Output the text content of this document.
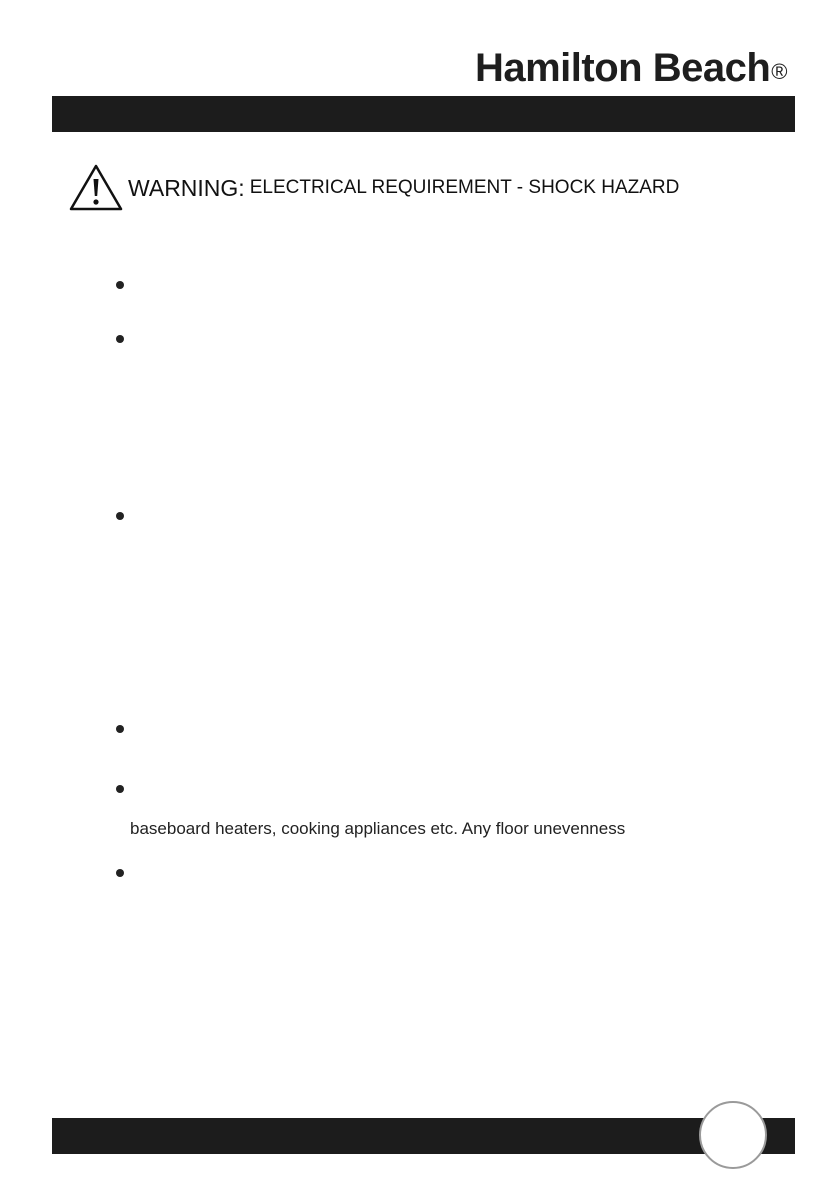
Hamilton Beach®
WARNING: ELECTRICAL REQUIREMENT - SHOCK HAZARD
baseboard heaters, cooking appliances etc. Any floor unevenness
